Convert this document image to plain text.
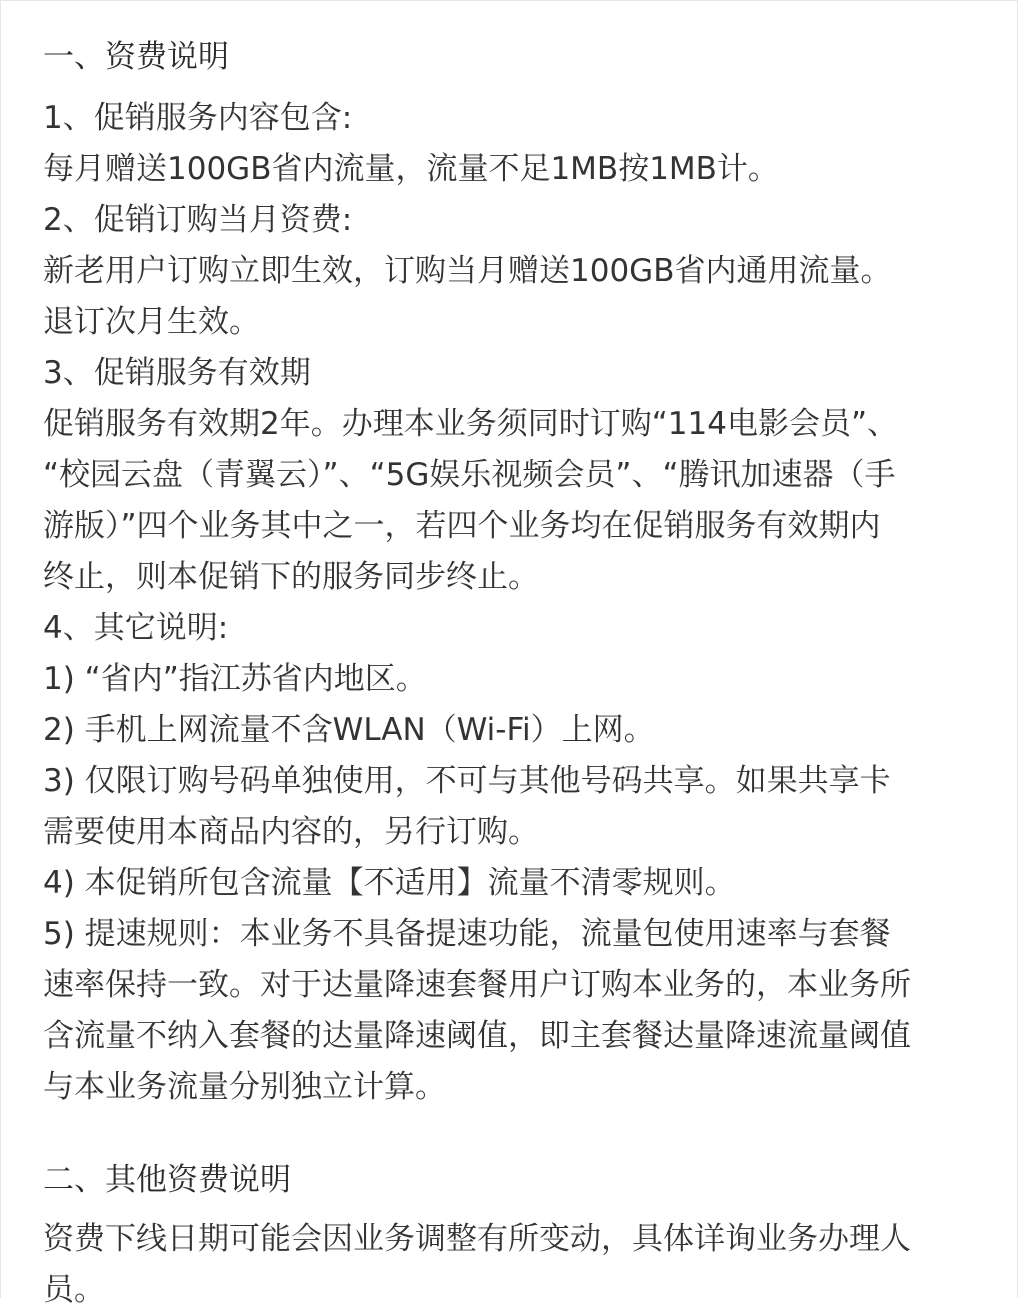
一、资费说明

1、促销服务内容包含:

每月赠送100GB省内流量，流量不足1MB按1MB计。

2、促销订购当月资费:

新老用户订购立即生效，订购当月赠送100GB省内通用流量。

退订次月生效。

3、促销服务有效期

促销服务有效期2年。办理本业务须同时订购“114电影会员”、

“校园云盘（青翼云）”、“5G娱乐视频会员”、“腾讯加速器（手

游版）”四个业务其中之一，若四个业务均在促销服务有效期内

终止，则本促销下的服务同步终止。

4、其它说明:

1) “省内”指江苏省内地区。

2) 手机上网流量不含WLAN（Wi-Fi）上网。

3) 仅限订购号码单独使用，不可与其他号码共享。如果共享卡

需要使用本商品内容的，另行订购。

4) 本促销所包含流量【不适用】流量不清零规则。

5) 提速规则：本业务不具备提速功能，流量包使用速率与套餐

速率保持一致。对于达量降速套餐用户订购本业务的，本业务所

含流量不纳入套餐的达量降速阈值，即主套餐达量降速流量阈值

与本业务流量分别独立计算。

二、其他资费说明

资费下线日期可能会因业务调整有所变动，具体详询业务办理人

员。
